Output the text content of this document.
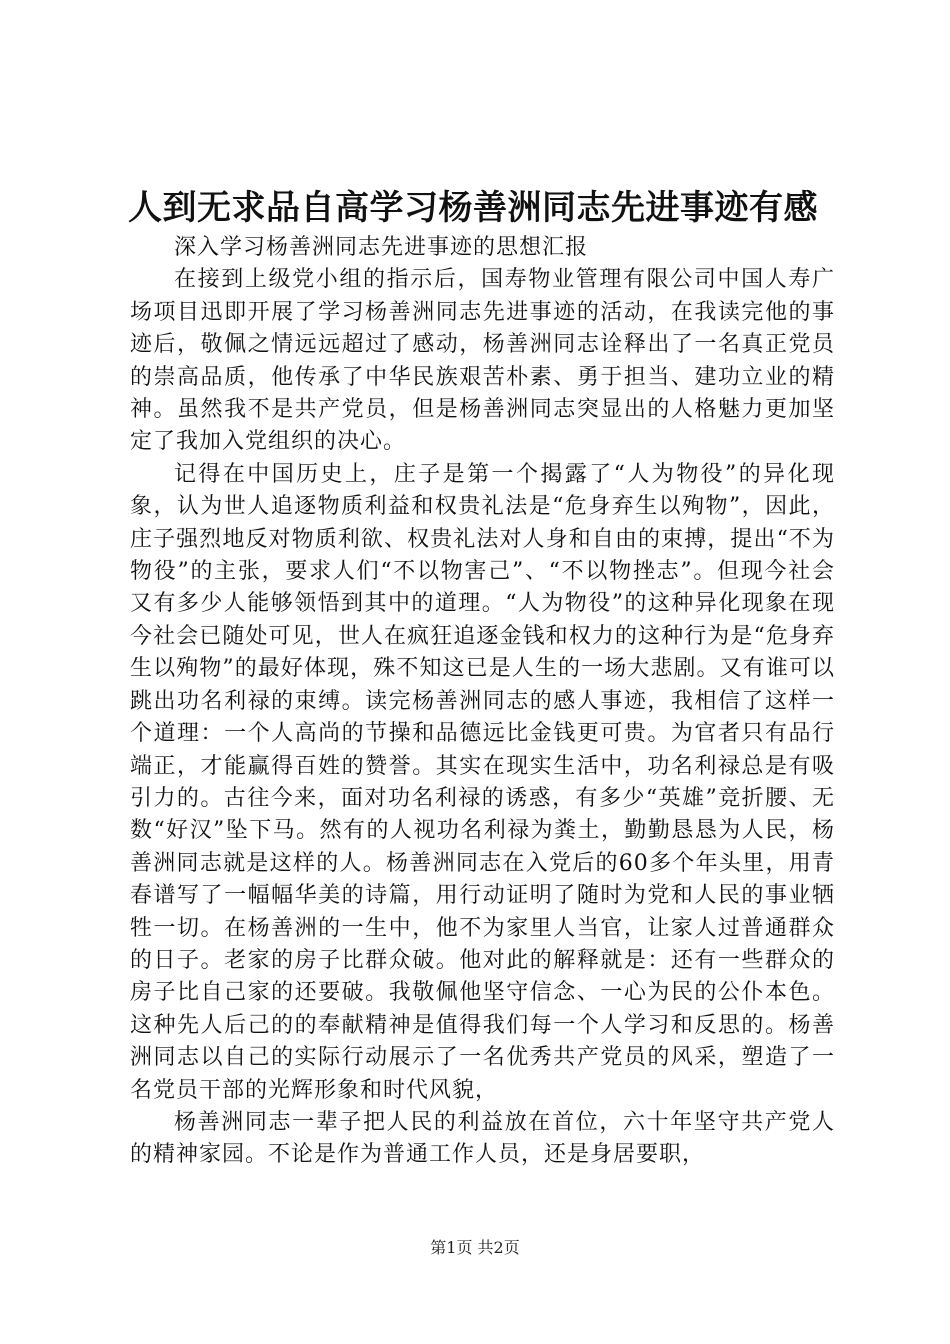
人到无求品自高学习杨善洲同志先进事迹有感

深入学习杨善洲同志先进事迹的思想汇报

在接到上级党小组的指示后，国寿物业管理有限公司中国人寿广场项目迅即开展了学习杨善洲同志先进事迹的活动，在我读完他的事迹后，敬佩之情远远超过了感动，杨善洲同志诠释出了一名真正党员的崇高品质，他传承了中华民族艰苦朴素、勇于担当、建功立业的精神。虽然我不是共产党员，但是杨善洲同志突显出的人格魅力更加坚定了我加入党组织的决心。

记得在中国历史上，庄子是第一个揭露了“人为物役”的异化现象，认为世人追逐物质利益和权贵礼法是“危身弃生以殉物”，因此，庄子强烈地反对物质利欲、权贵礼法对人身和自由的束搏，提出“不为物役”的主张，要求人们“不以物害己”、“不以物挫志”。但现今社会又有多少人能够领悟到其中的道理。“人为物役”的这种异化现象在现今社会已随处可见，世人在疯狂追逐金钱和权力的这种行为是“危身弃生以殉物”的最好体现，殊不知这已是人生的一场大悲剧。又有谁可以跳出功名利禄的束缚。读完杨善洲同志的感人事迹，我相信了这样一个道理：一个人高尚的节操和品德远比金钱更可贵。为官者只有品行端正，才能赢得百姓的赞誉。其实在现实生活中，功名利禄总是有吸引力的。古往今来，面对功名利禄的诱惑，有多少“英雄”竞折腰、无数“好汉”坠下马。然有的人视功名利禄为粪土，勤勤恳恳为人民，杨善洲同志就是这样的人。杨善洲同志在入党后的60多个年头里，用青春谱写了一幅幅华美的诗篇，用行动证明了随时为党和人民的事业牺牲一切。在杨善洲的一生中，他不为家里人当官，让家人过普通群众的日子。老家的房子比群众破。他对此的解释就是：还有一些群众的房子比自己家的还要破。我敬佩他坚守信念、一心为民的公仆本色。这种先人后己的的奉献精神是值得我们每一个人学习和反思的。杨善洲同志以自己的实际行动展示了一名优秀共产党员的风采，塑造了一名党员干部的光辉形象和时代风貌，

杨善洲同志一辈子把人民的利益放在首位，六十年坚守共产党人的精神家园。不论是作为普通工作人员，还是身居要职，

第1页 共2页
